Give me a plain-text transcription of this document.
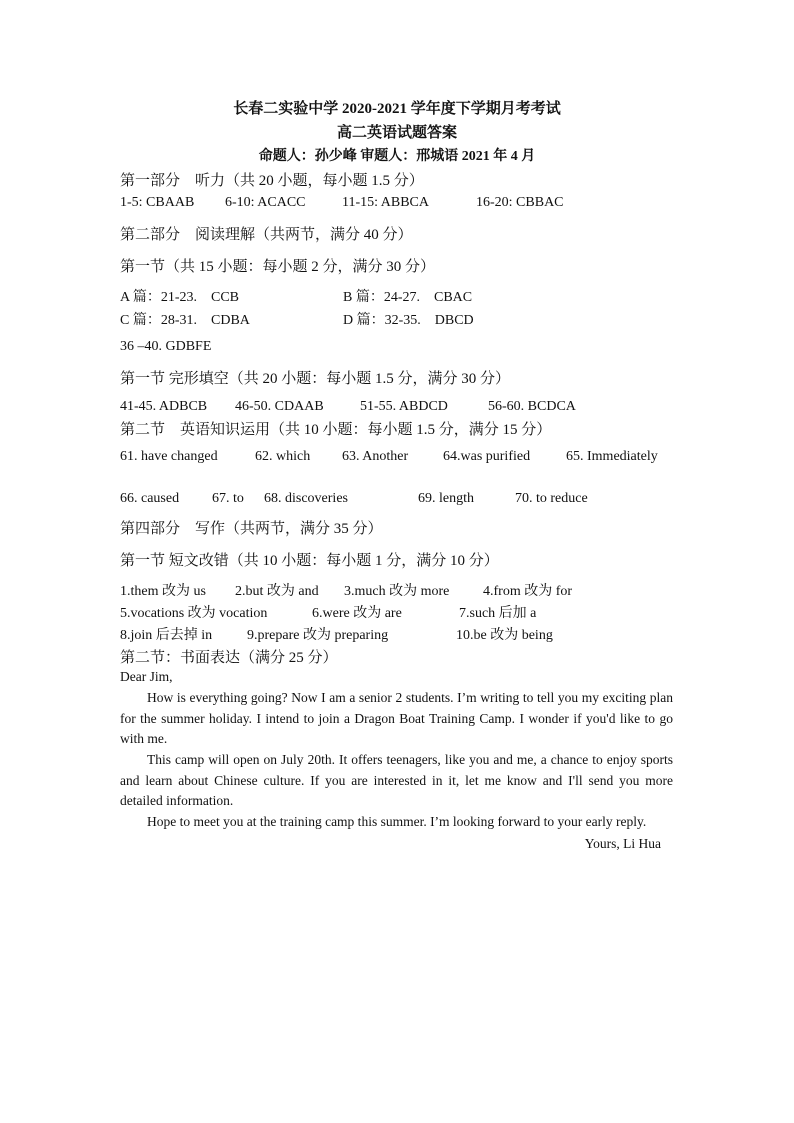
长春二实验中学 2020-2021 学年度下学期月考考试
高二英语试题答案
命题人：孙少峰 审题人：邢城语 2021 年 4 月
第一部分　听力（共 20 小题，每小题 1.5 分）
1-5: CBAAB 6-10: ACACC	11-15: ABBCA	16-20: CBBAC
第二部分　阅读理解（共两节，满分 40 分）
第一节（共 15 小题：每小题 2 分，满分 30 分）
A 篇：21-23.　CCB	B 篇：24-27.　CBAC
C 篇：28-31.　CDBA	D 篇：32-35.　DBCD
36 –40. GDBFE
第一节 完形填空（共 20 小题：每小题 1.5 分，满分 30 分）
41-45. ADBCB 46-50. CDAAB	51-55. ABDCD	56-60. BCDCA
第二节　英语知识运用（共 10 小题：每小题 1.5 分，满分 15 分）
61. have changed	62. which 63. Another 64.was purified	65. Immediately
66. caused 67. to 68. discoveries	69. length	70. to reduce
第四部分　写作（共两节，满分 35 分）
第一节 短文改错（共 10 小题：每小题 1 分，满分 10 分）
1.them 改为 us 2.but 改为 and 3.much 改为 more 4.from 改为 for
5.vocations 改为 vocation	6.were 改为 are	7.such 后加 a
8.join 后去掉 in 9.prepare 改为 preparing	10.be 改为 being
第二节：书面表达（满分 25 分）
Dear Jim,
How is everything going? Now I am a senior 2 students. I’m writing to tell you my exciting plan for the summer holiday. I intend to join a Dragon Boat Training Camp. I wonder if you'd like to go with me.
This camp will open on July 20th. It offers teenagers, like you and me, a chance to enjoy sports and learn about Chinese culture. If you are interested in it, let me know and I'll send you more detailed information.
Hope to meet you at the training camp this summer. I’m looking forward to your early reply.
Yours, Li Hua
